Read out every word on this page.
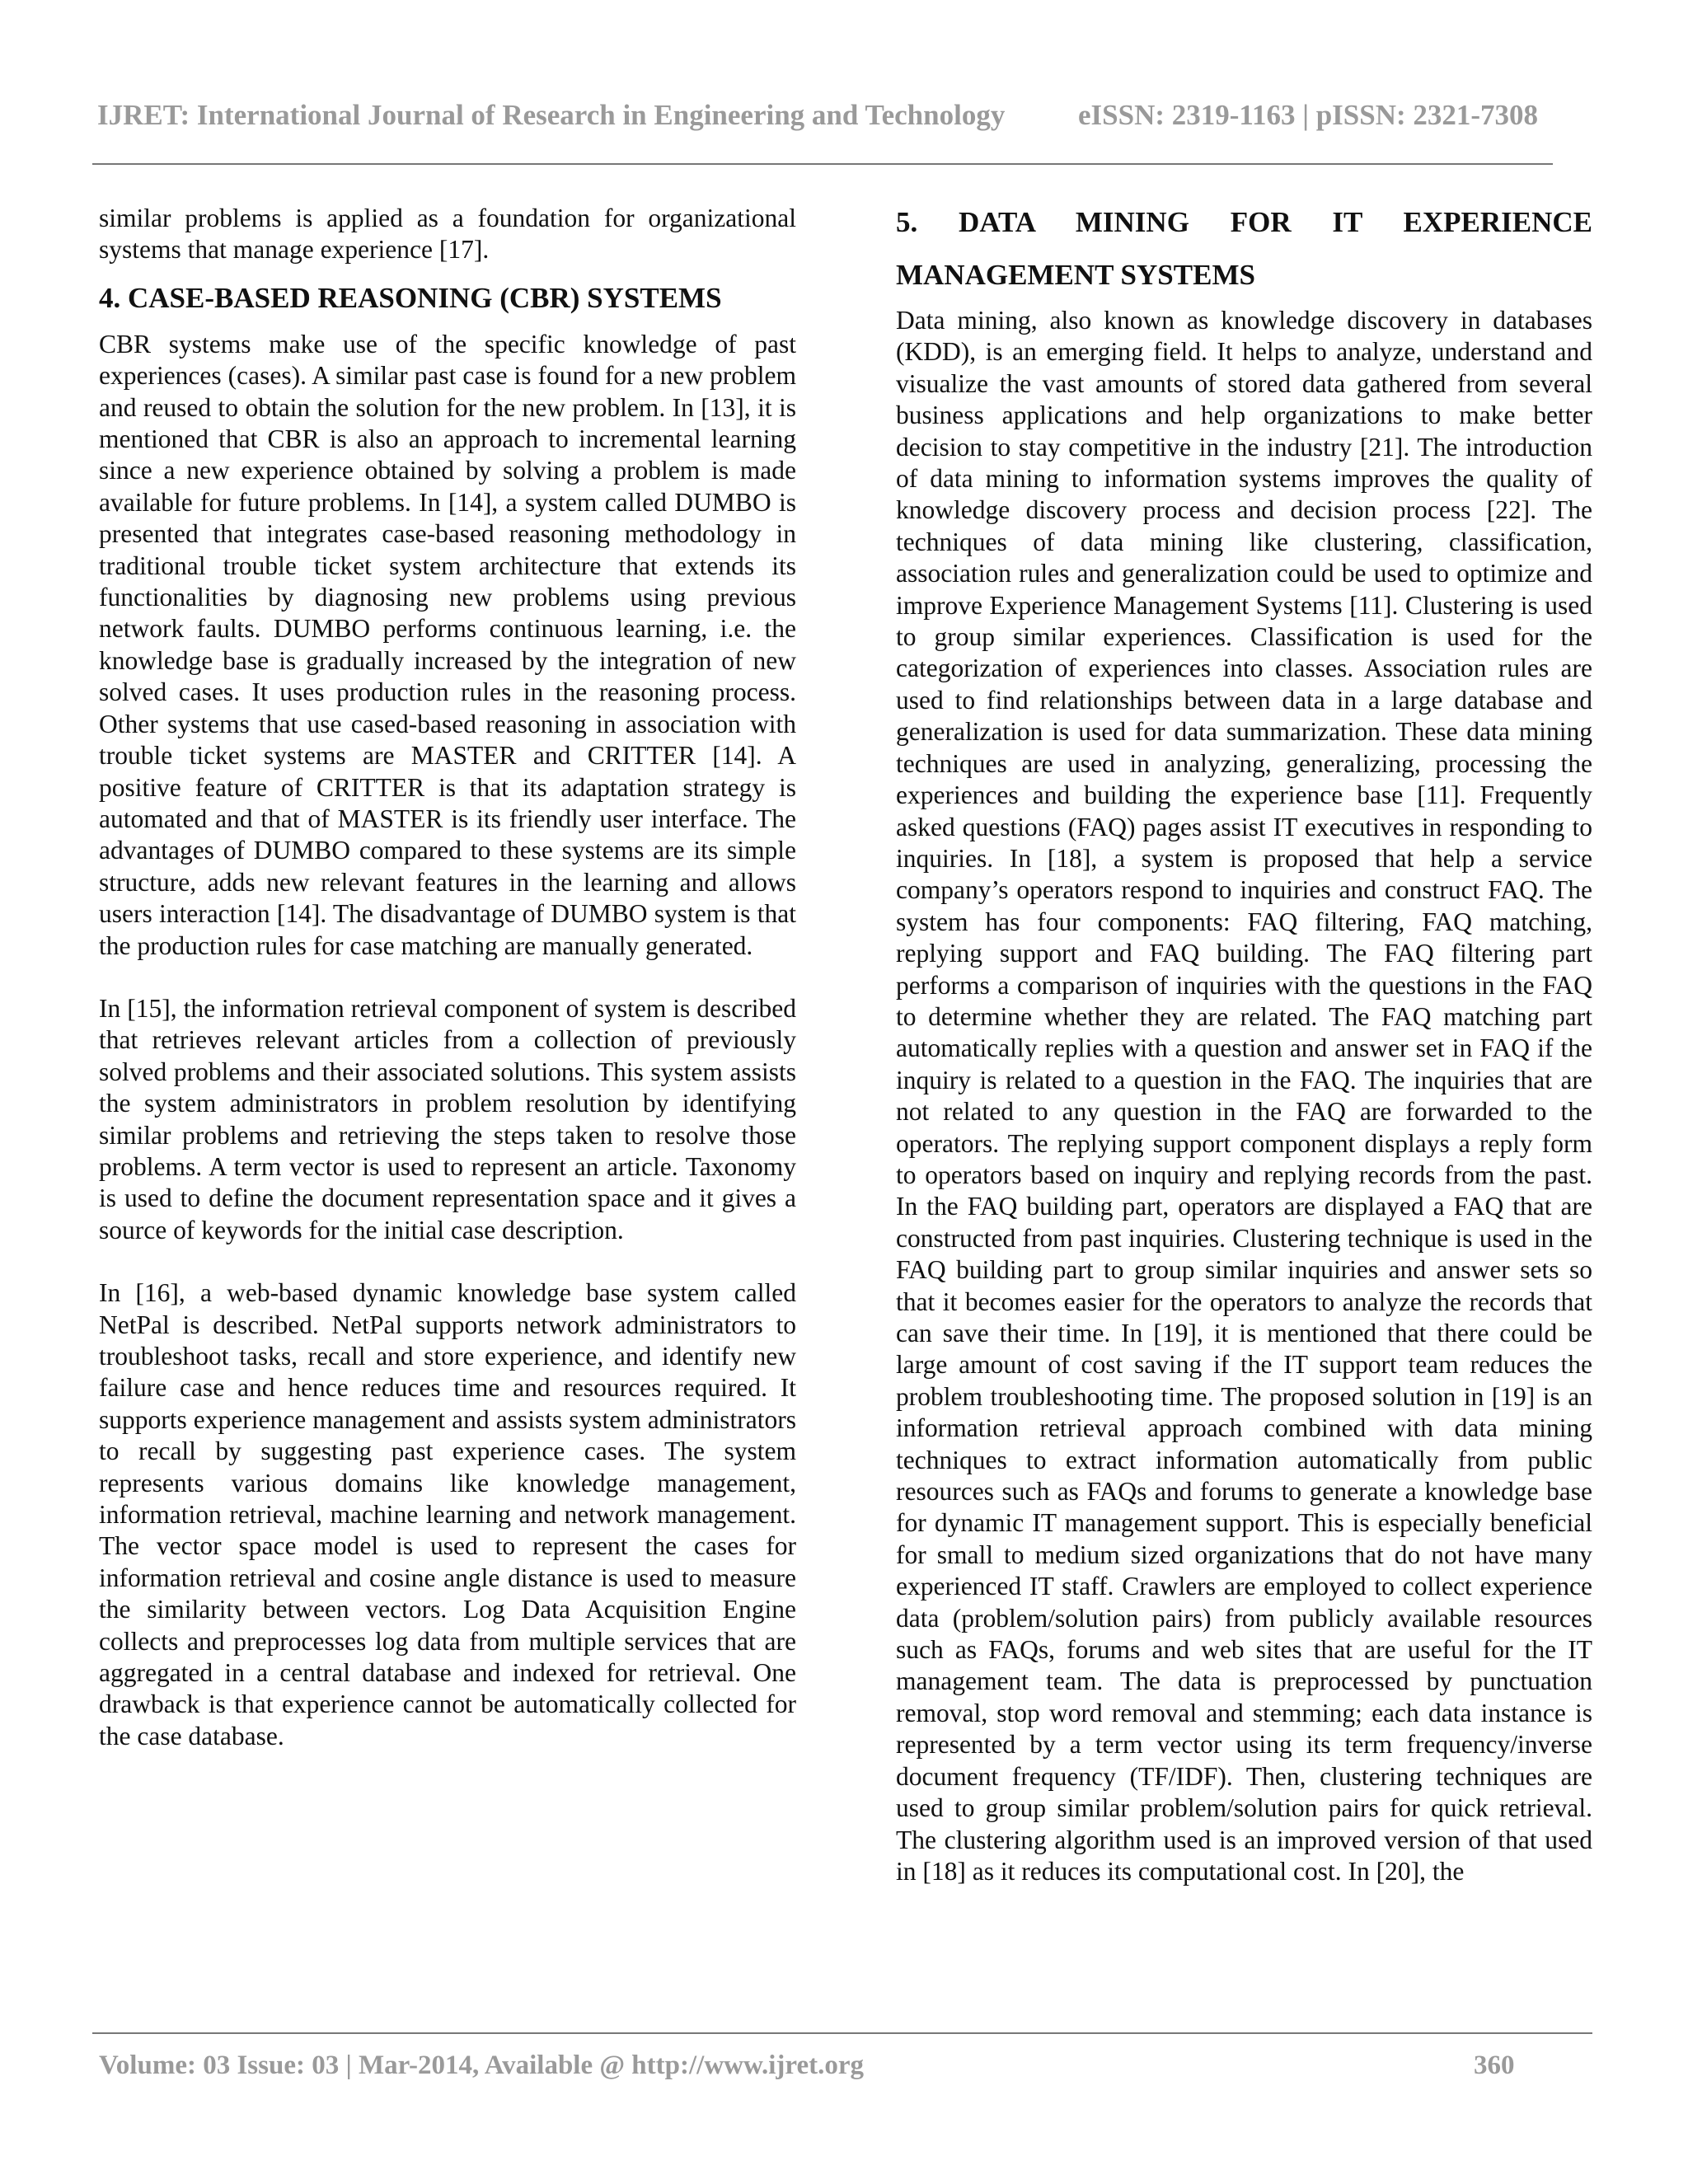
IJRET: International Journal of Research in Engineering and Technology	eISSN: 2319-1163 | pISSN: 2321-7308

similar problems is applied as a foundation for organizational systems that manage experience [17].

4. CASE-BASED REASONING (CBR) SYSTEMS

CBR systems make use of the specific knowledge of past experiences (cases). A similar past case is found for a new problem and reused to obtain the solution for the new problem. In [13], it is mentioned that CBR is also an approach to incremental learning since a new experience obtained by solving a problem is made available for future problems. In [14], a system called DUMBO is presented that integrates case-based reasoning methodology in traditional trouble ticket system architecture that extends its functionalities by diagnosing new problems using previous network faults. DUMBO performs continuous learning, i.e. the knowledge base is gradually increased by the integration of new solved cases. It uses production rules in the reasoning process. Other systems that use cased-based reasoning in association with trouble ticket systems are MASTER and CRITTER [14]. A positive feature of CRITTER is that its adaptation strategy is automated and that of MASTER is its friendly user interface. The advantages of DUMBO compared to these systems are its simple structure, adds new relevant features in the learning and allows users interaction [14]. The disadvantage of DUMBO system is that the production rules for case matching are manually generated.

In [15], the information retrieval component of system is described that retrieves relevant articles from a collection of previously solved problems and their associated solutions. This system assists the system administrators in problem resolution by identifying similar problems and retrieving the steps taken to resolve those problems. A term vector is used to represent an article. Taxonomy is used to define the document representation space and it gives a source of keywords for the initial case description.

In [16], a web-based dynamic knowledge base system called NetPal is described. NetPal supports network administrators to troubleshoot tasks, recall and store experience, and identify new failure case and hence reduces time and resources required. It supports experience management and assists system administrators to recall by suggesting past experience cases. The system represents various domains like knowledge management, information retrieval, machine learning and network management. The vector space model is used to represent the cases for information retrieval and cosine angle distance is used to measure the similarity between vectors. Log Data Acquisition Engine collects and preprocesses log data from multiple services that are aggregated in a central database and indexed for retrieval. One drawback is that experience cannot be automatically collected for the case database.

5. DATA MINING FOR IT EXPERIENCE

MANAGEMENT SYSTEMS

Data mining, also known as knowledge discovery in databases (KDD), is an emerging field. It helps to analyze, understand and visualize the vast amounts of stored data gathered from several business applications and help organizations to make better decision to stay competitive in the industry [21]. The introduction of data mining to information systems improves the quality of knowledge discovery process and decision process [22]. The techniques of data mining like clustering, classification, association rules and generalization could be used to optimize and improve Experience Management Systems [11]. Clustering is used to group similar experiences. Classification is used for the categorization of experiences into classes. Association rules are used to find relationships between data in a large database and generalization is used for data summarization. These data mining techniques are used in analyzing, generalizing, processing the experiences and building the experience base [11]. Frequently asked questions (FAQ) pages assist IT executives in responding to inquiries. In [18], a system is proposed that help a service company’s operators respond to inquiries and construct FAQ. The system has four components: FAQ filtering, FAQ matching, replying support and FAQ building. The FAQ filtering part performs a comparison of inquiries with the questions in the FAQ to determine whether they are related. The FAQ matching part automatically replies with a question and answer set in FAQ if the inquiry is related to a question in the FAQ. The inquiries that are not related to any question in the FAQ are forwarded to the operators. The replying support component displays a reply form to operators based on inquiry and replying records from the past. In the FAQ building part, operators are displayed a FAQ that are constructed from past inquiries. Clustering technique is used in the FAQ building part to group similar inquiries and answer sets so that it becomes easier for the operators to analyze the records that can save their time. In [19], it is mentioned that there could be large amount of cost saving if the IT support team reduces the problem troubleshooting time. The proposed solution in [19] is an information retrieval approach combined with data mining techniques to extract information automatically from public resources such as FAQs and forums to generate a knowledge base for dynamic IT management support. This is especially beneficial for small to medium sized organizations that do not have many experienced IT staff. Crawlers are employed to collect experience data (problem/solution pairs) from publicly available resources such as FAQs, forums and web sites that are useful for the IT management team. The data is preprocessed by punctuation removal, stop word removal and stemming; each data instance is represented by a term vector using its term frequency/inverse document frequency (TF/IDF). Then, clustering techniques are used to group similar problem/solution pairs for quick retrieval. The clustering algorithm used is an improved version of that used in [18] as it reduces its computational cost. In [20], the

Volume: 03 Issue: 03 | Mar-2014, Available @ http://www.ijret.org	360
